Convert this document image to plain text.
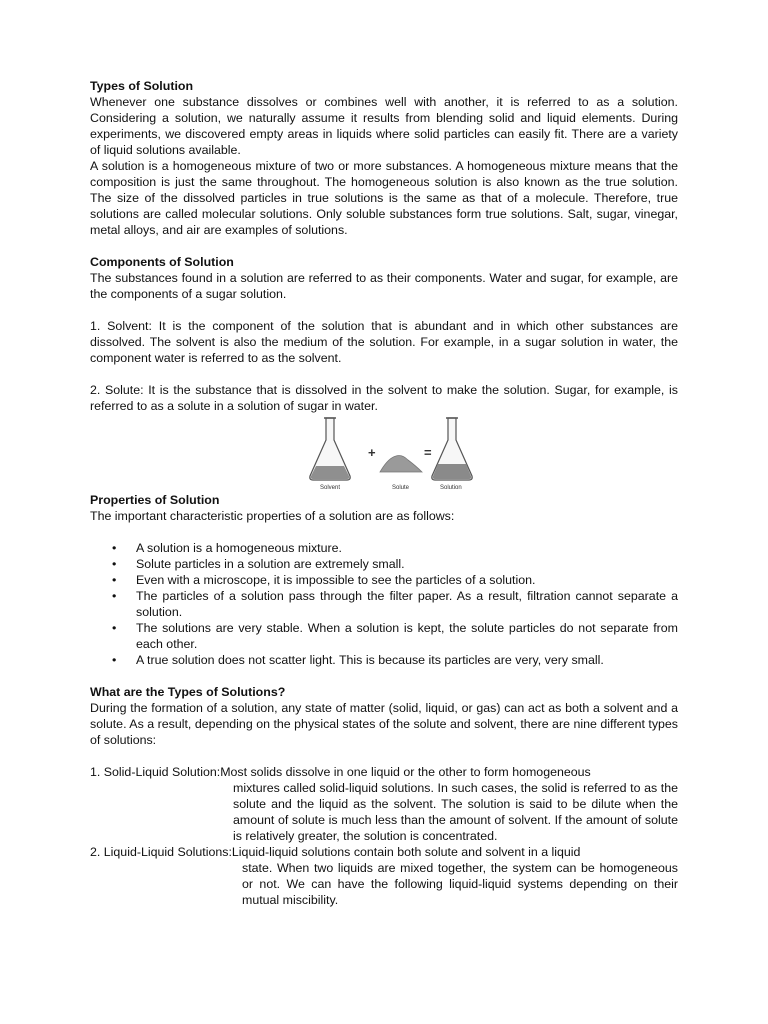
Types of Solution

Whenever one substance dissolves or combines well with another, it is referred to as a solution. Considering a solution, we naturally assume it results from blending solid and liquid elements. During experiments, we discovered empty areas in liquids where solid particles can easily fit. There are a variety of liquid solutions available.

A solution is a homogeneous mixture of two or more substances. A homogeneous mixture means that the composition is just the same throughout. The homogeneous solution is also known as the true solution. The size of the dissolved particles in true solutions is the same as that of a molecule. Therefore, true solutions are called molecular solutions. Only soluble substances form true solutions. Salt, sugar, vinegar, metal alloys, and air are examples of solutions.

Components of Solution

The substances found in a solution are referred to as their components. Water and sugar, for example, are the components of a sugar solution.

1. Solvent: It is the component of the solution that is abundant and in which other substances are dissolved. The solvent is also the medium of the solution. For example, in a sugar solution in water, the component water is referred to as the solvent.

2. Solute: It is the substance that is dissolved in the solvent to make the solution. Sugar, for example, is referred to as a solute in a solution of sugar in water.

+	=
Solvent	Solute	Solution

Properties of Solution

The important characteristic properties of a solution are as follows:

• A solution is a homogeneous mixture.
• Solute particles in a solution are extremely small.
• Even with a microscope, it is impossible to see the particles of a solution.
• The particles of a solution pass through the filter paper. As a result, filtration cannot separate a solution.
• The solutions are very stable. When a solution is kept, the solute particles do not separate from each other.
• A true solution does not scatter light. This is because its particles are very, very small.

What are the Types of Solutions?

During the formation of a solution, any state of matter (solid, liquid, or gas) can act as both a solvent and a solute. As a result, depending on the physical states of the solute and solvent, there are nine different types of solutions:

1. Solid-Liquid Solution: Most solids dissolve in one liquid or the other to form homogeneous

mixtures called solid-liquid solutions. In such cases, the solid is referred to as the solute and the liquid as the solvent. The solution is said to be dilute when the amount of solute is much less than the amount of solvent. If the amount of solute is relatively greater, the solution is concentrated.

2. Liquid-Liquid Solutions: Liquid-liquid solutions contain both solute and solvent in a liquid

state. When two liquids are mixed together, the system can be homogeneous or not. We can have the following liquid-liquid systems depending on their mutual miscibility.
